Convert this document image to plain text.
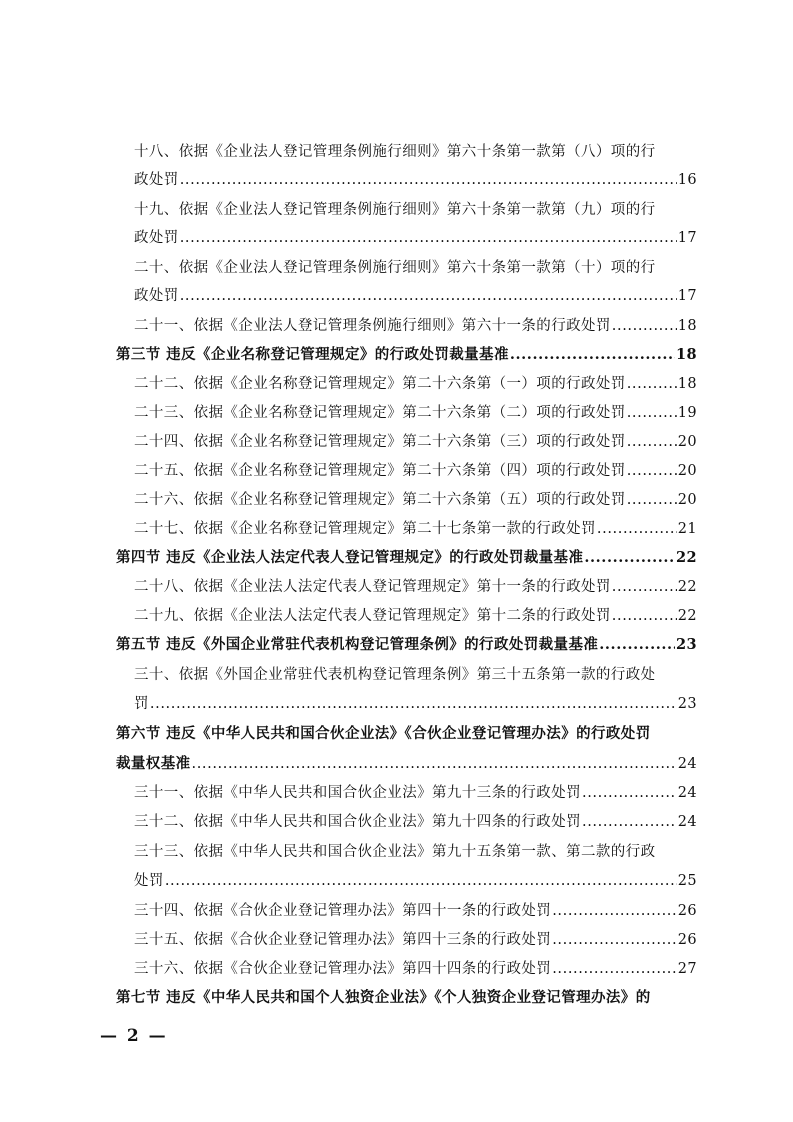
十八、依据《企业法人登记管理条例施行细则》第六十条第一款第（八）项的行
政处罚 .....	16
十九、依据《企业法人登记管理条例施行细则》第六十条第一款第（九）项的行
政处罚 .....	17
二十、依据《企业法人登记管理条例施行细则》第六十条第一款第（十）项的行
政处罚 .....	17
二十一、依据《企业法人登记管理条例施行细则》第六十一条的行政处罚 .....	18
第三节 违反《企业名称登记管理规定》的行政处罚裁量基准 .....	18
二十二、依据《企业名称登记管理规定》第二十六条第（一）项的行政处罚 .....	18
二十三、依据《企业名称登记管理规定》第二十六条第（二）项的行政处罚 .....	19
二十四、依据《企业名称登记管理规定》第二十六条第（三）项的行政处罚 .....	20
二十五、依据《企业名称登记管理规定》第二十六条第（四）项的行政处罚 .....	20
二十六、依据《企业名称登记管理规定》第二十六条第（五）项的行政处罚 .....	20
二十七、依据《企业名称登记管理规定》第二十七条第一款的行政处罚 .....	21
第四节 违反《企业法人法定代表人登记管理规定》的行政处罚裁量基准 .....	22
二十八、依据《企业法人法定代表人登记管理规定》第十一条的行政处罚 .....	22
二十九、依据《企业法人法定代表人登记管理规定》第十二条的行政处罚 .....	22
第五节 违反《外国企业常驻代表机构登记管理条例》的行政处罚裁量基准 .....	23
三十、依据《外国企业常驻代表机构登记管理条例》第三十五条第一款的行政处
罚 .....	23
第六节 违反《中华人民共和国合伙企业法》《合伙企业登记管理办法》的行政处罚
裁量权基准 .....	24
三十一、依据《中华人民共和国合伙企业法》第九十三条的行政处罚 .....	24
三十二、依据《中华人民共和国合伙企业法》第九十四条的行政处罚 .....	24
三十三、依据《中华人民共和国合伙企业法》第九十五条第一款、第二款的行政
处罚 .....	25
三十四、依据《合伙企业登记管理办法》第四十一条的行政处罚 .....	26
三十五、依据《合伙企业登记管理办法》第四十三条的行政处罚 .....	26
三十六、依据《合伙企业登记管理办法》第四十四条的行政处罚 .....	27
第七节 违反《中华人民共和国个人独资企业法》《个人独资企业登记管理办法》的
— 2 —
